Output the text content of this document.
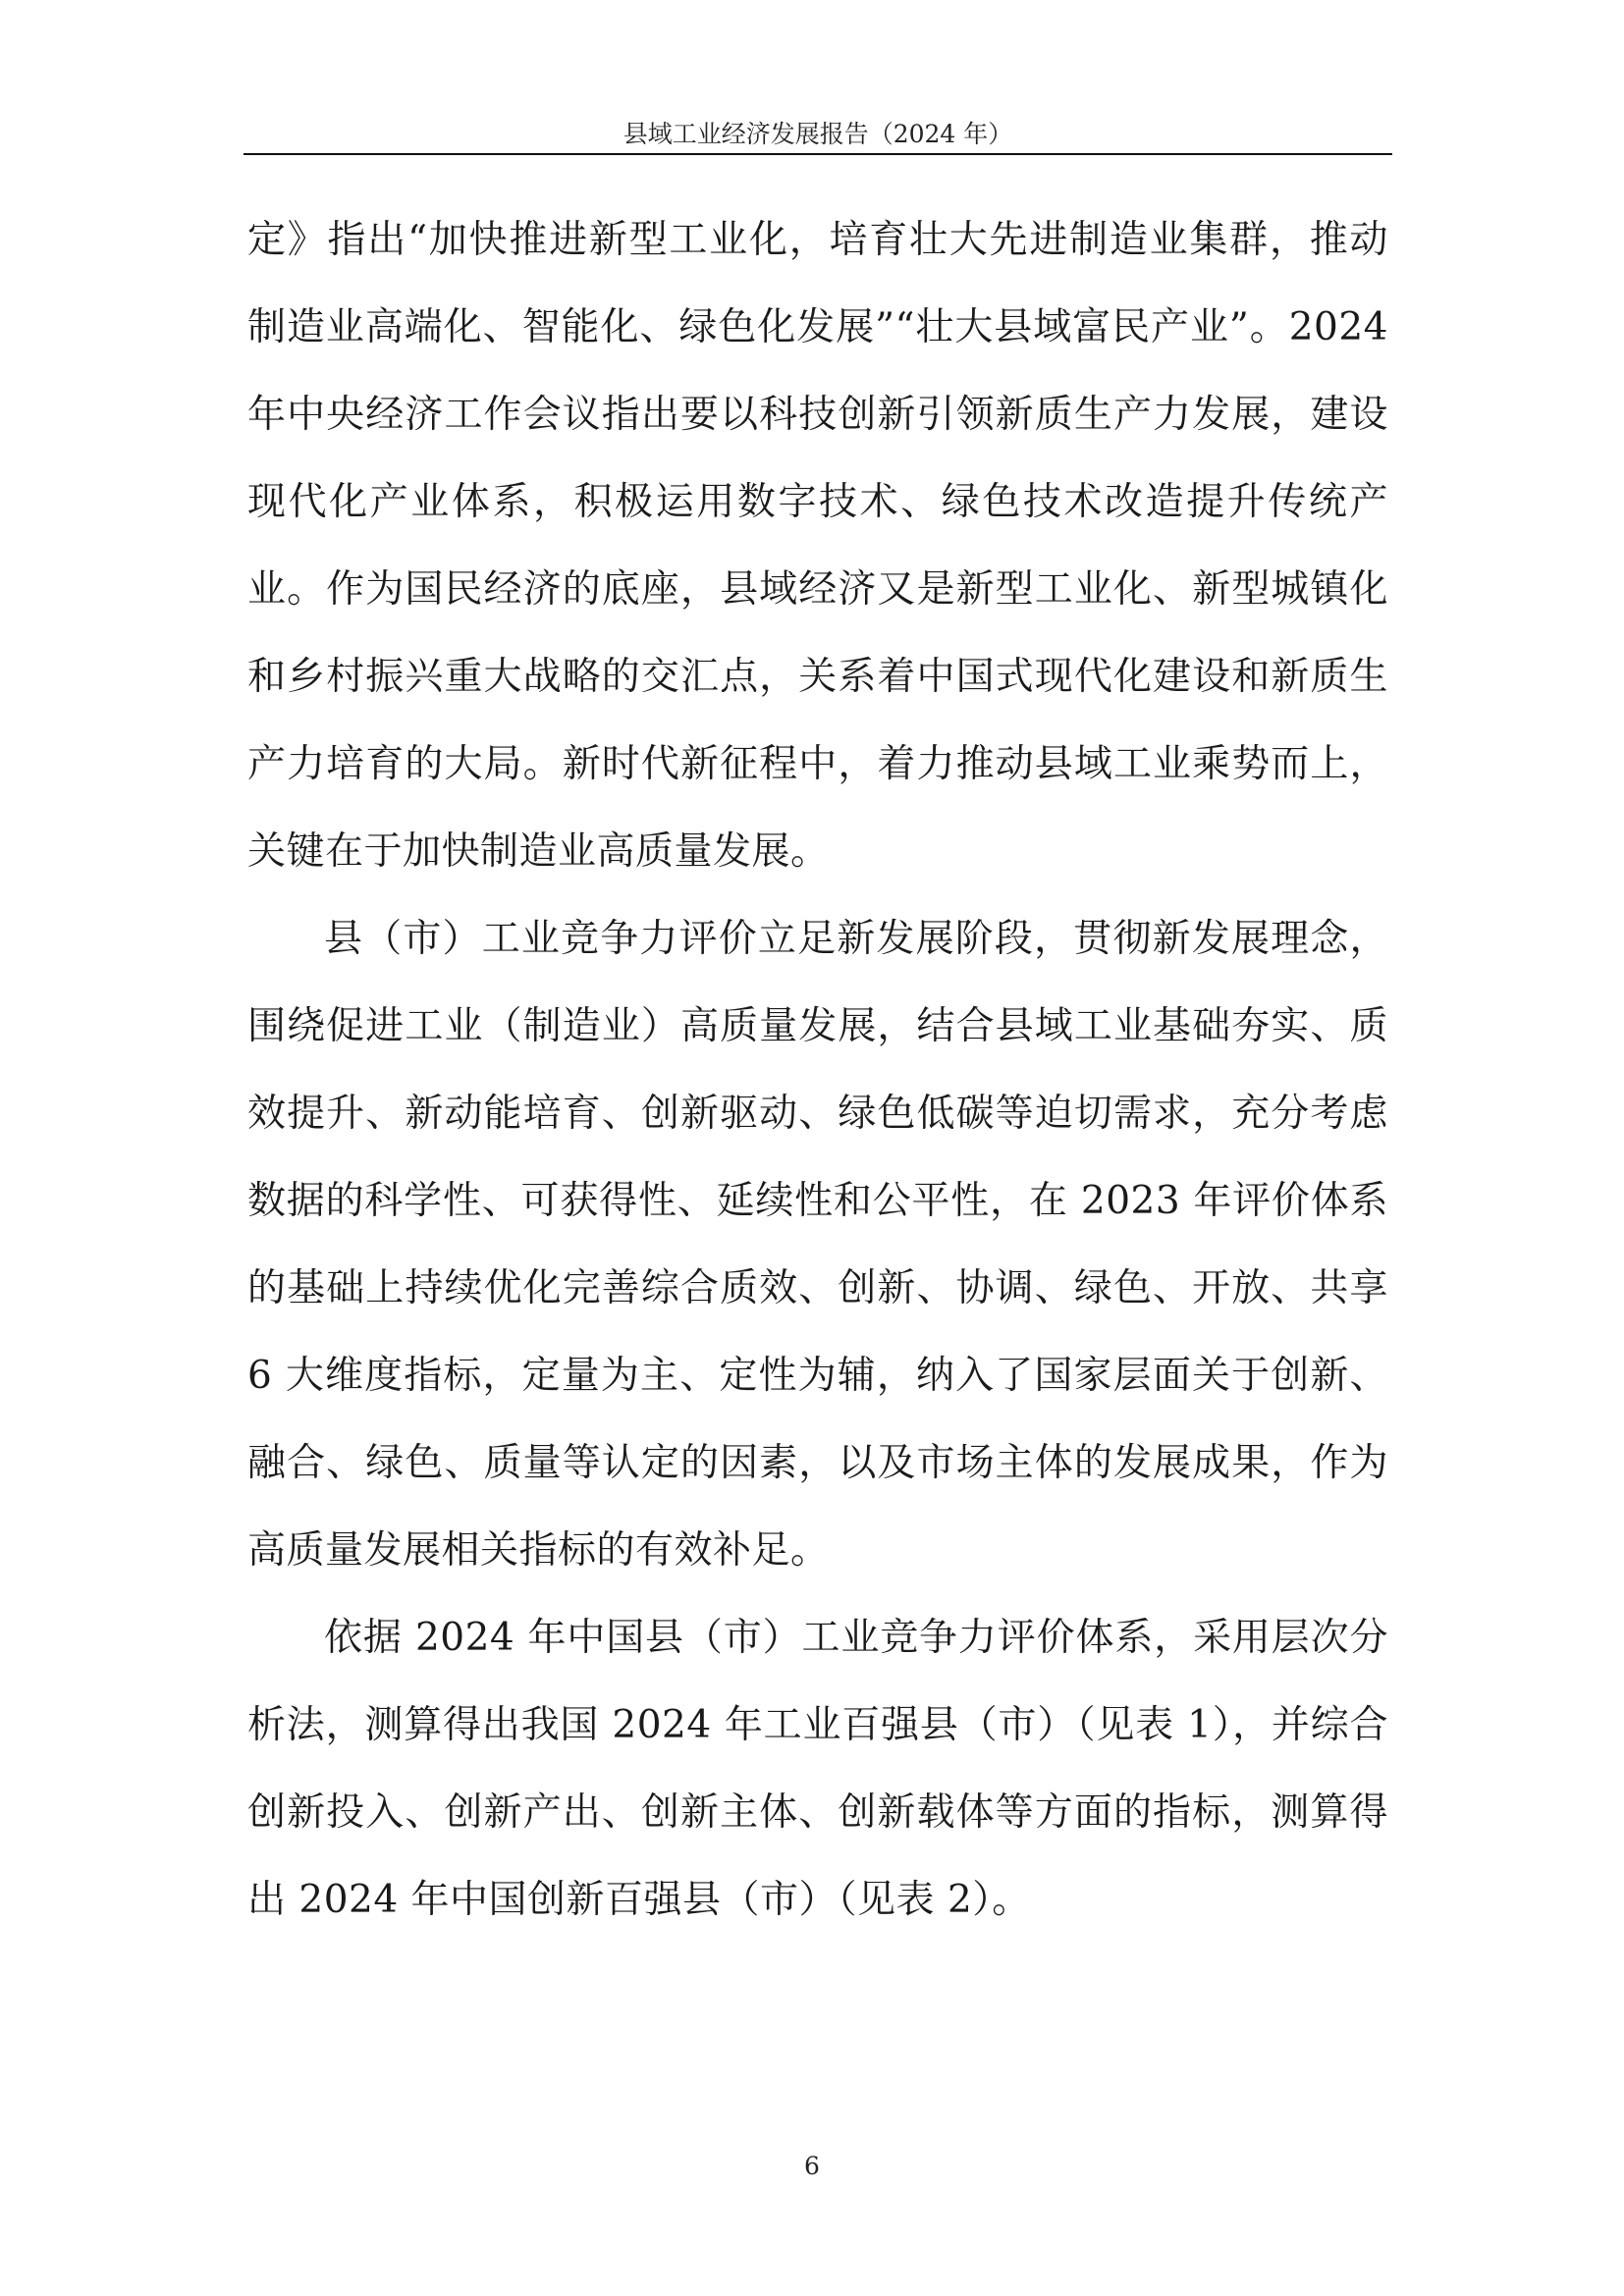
县域工业经济发展报告（2024 年）

定》指出“加快推进新型工业化，培育壮大先进制造业集群，推动制造业高端化、智能化、绿色化发展”“壮大县域富民产业”。2024 年中央经济工作会议指出要以科技创新引领新质生产力发展，建设现代化产业体系，积极运用数字技术、绿色技术改造提升传统产业。作为国民经济的底座，县域经济又是新型工业化、新型城镇化和乡村振兴重大战略的交汇点，关系着中国式现代化建设和新质生产力培育的大局。新时代新征程中，着力推动县域工业乘势而上，关键在于加快制造业高质量发展。

县（市）工业竞争力评价立足新发展阶段，贯彻新发展理念，围绕促进工业（制造业）高质量发展，结合县域工业基础夯实、质效提升、新动能培育、创新驱动、绿色低碳等迫切需求，充分考虑数据的科学性、可获得性、延续性和公平性，在 2023 年评价体系的基础上持续优化完善综合质效、创新、协调、绿色、开放、共享 6 大维度指标，定量为主、定性为辅，纳入了国家层面关于创新、融合、绿色、质量等认定的因素，以及市场主体的发展成果，作为高质量发展相关指标的有效补足。

依据 2024 年中国县（市）工业竞争力评价体系，采用层次分析法，测算得出我国 2024 年工业百强县（市）（见表 1），并综合创新投入、创新产出、创新主体、创新载体等方面的指标，测算得出 2024 年中国创新百强县（市）（见表 2）。

6
